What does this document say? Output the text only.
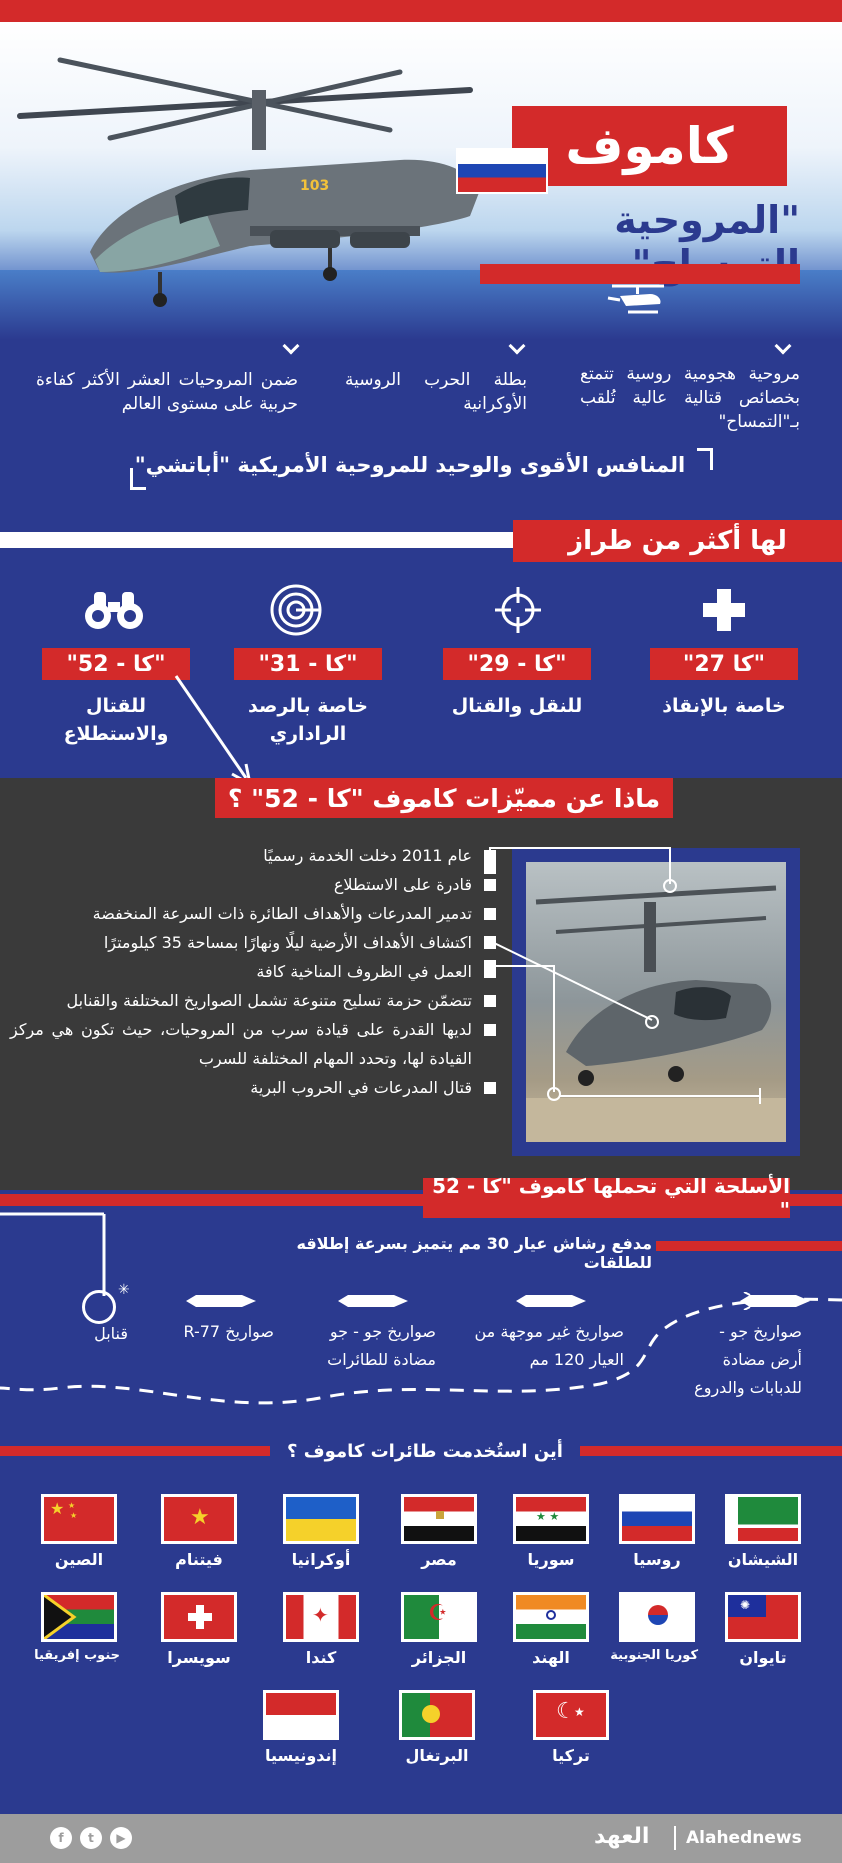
103
كاموف
"المروحية
مروحية هجومية روسية تتمتع بخصائص قتالية عالية تُلقب بـ"التمساح"
بطلة الحرب الروسية الأوكرانية
ضمن المروحيات العشر الأكثر كفاءة حربية على مستوى العالم
المنافس الأقوى والوحيد للمروحية الأمريكية "أباتشي"
لها أكثر من طراز
"كا 27"
"كا - 29"
"كا - 31"
"كا - 52"
خاصة بالإنقاذ
للنقل والقتال
خاصة بالرصد الراداري
للقتال والاستطلاع
ماذا عن مميّزات كاموف "كا - 52" ؟
عام 2011 دخلت الخدمة رسميًا
قادرة على الاستطلاع
تدمير المدرعات والأهداف الطائرة ذات السرعة المنخفضة
اكتشاف الأهداف الأرضية ليلًا ونهارًا بمساحة 35 كيلومترًا
العمل في الظروف المناخية كافة
تتضمّن حزمة تسليح متنوعة تشمل الصواريخ المختلفة والقنابل
لديها القدرة على قيادة سرب من المروحيات، حيث تكون هي مركز القيادة لها، وتحدد المهام المختلفة للسرب
قتال المدرعات في الحروب البرية
الأسلحة التي تحملها كاموف "كا - 52 "
مدفع رشاش عيار 30 مم يتميز بسرعة إطلاقه للطلقات
✳
صواريخ جو - أرض مضادة للدبابات والدروع
صواريخ غير موجهة من العيار 120 مم
صواريخ جو - جو مضادة للطائرات
صواريخ R-77
قنابل
أين استُخدمت طائرات كاموف ؟
الشيشان
روسيا
★ ★
سوريا
مصر
أوكرانيا
★
فيتنام
★ ★
★
الصين
✺
تايوان
كوريا الجنوبية
الهند
☪
الجزائر
✦
كندا
سويسرا
جنوب إفريقيا
☾
★
تركيا
البرتغال
إندونيسيا
f	t	▶	العهد Alahednews
